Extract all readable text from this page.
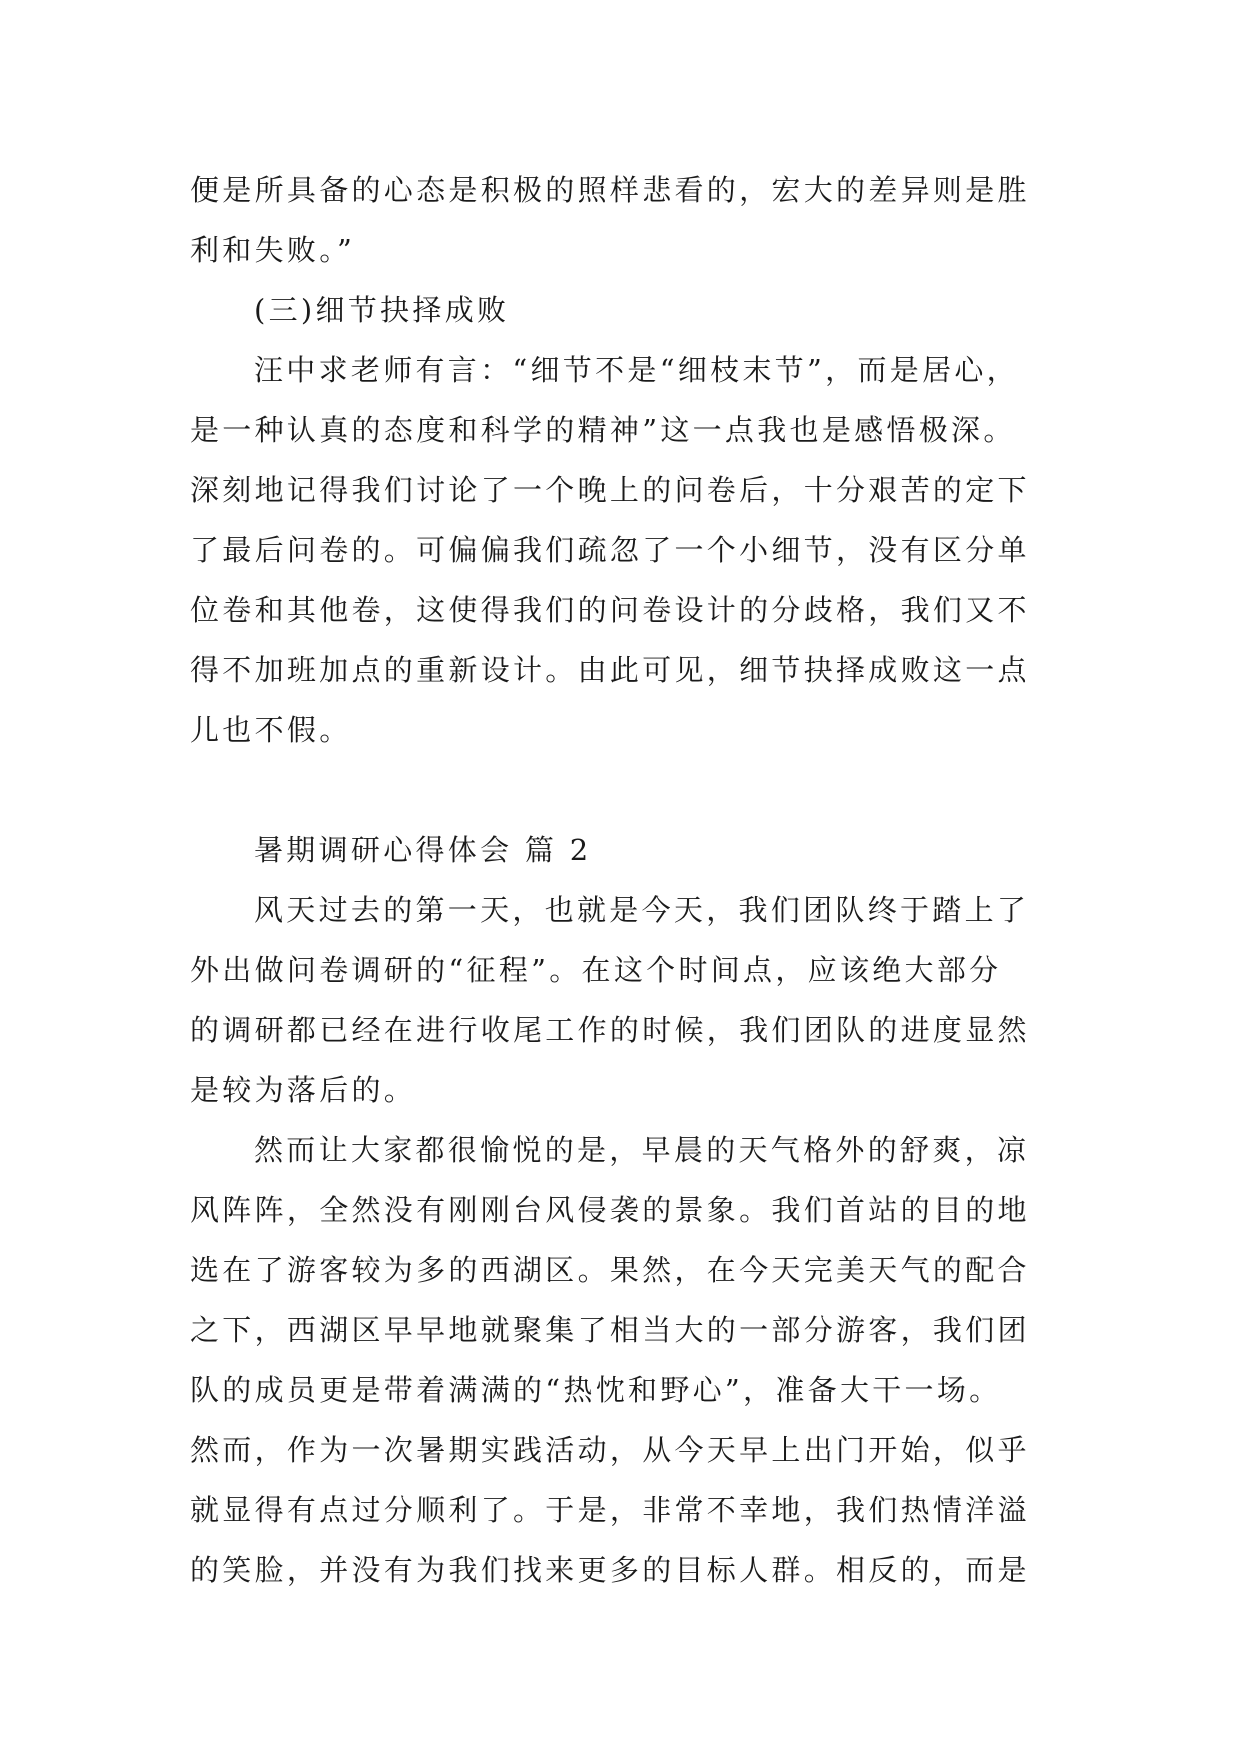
便是所具备的心态是积极的照样悲看的，宏大的差异则是胜
利和失败。”
(三)细节抉择成败
汪中求老师有言：“细节不是“细枝末节”，而是居心，
是一种认真的态度和科学的精神”这一点我也是感悟极深。
深刻地记得我们讨论了一个晚上的问卷后，十分艰苦的定下
了最后问卷的。可偏偏我们疏忽了一个小细节，没有区分单
位卷和其他卷，这使得我们的问卷设计的分歧格，我们又不
得不加班加点的重新设计。由此可见，细节抉择成败这一点
儿也不假。
暑期调研心得体会 篇 2
风天过去的第一天，也就是今天，我们团队终于踏上了
外出做问卷调研的“征程”。在这个时间点，应该绝大部分
的调研都已经在进行收尾工作的时候，我们团队的进度显然
是较为落后的。
然而让大家都很愉悦的是，早晨的天气格外的舒爽，凉
风阵阵，全然没有刚刚台风侵袭的景象。我们首站的目的地
选在了游客较为多的西湖区。果然，在今天完美天气的配合
之下，西湖区早早地就聚集了相当大的一部分游客，我们团
队的成员更是带着满满的“热忱和野心”，准备大干一场。
然而，作为一次暑期实践活动，从今天早上出门开始，似乎
就显得有点过分顺利了。于是，非常不幸地，我们热情洋溢
的笑脸，并没有为我们找来更多的目标人群。相反的，而是
